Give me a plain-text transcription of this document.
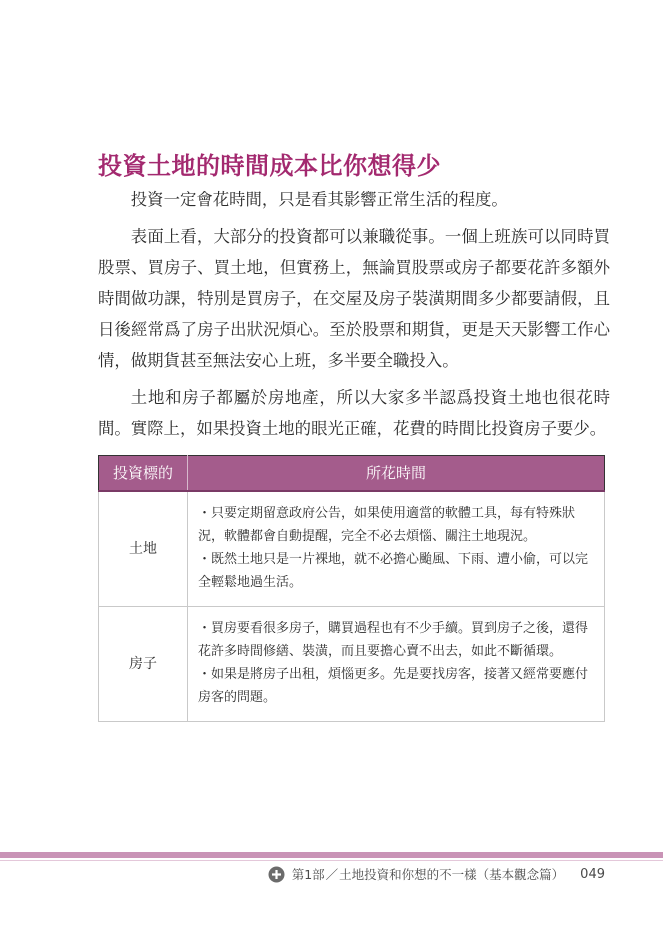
投資土地的時間成本比你想得少

投資一定會花時間，只是看其影響正常生活的程度。

表面上看，大部分的投資都可以兼職從事。一個上班族可以同時買股票、買房子、買土地，但實務上，無論買股票或房子都要花許多額外時間做功課，特別是買房子，在交屋及房子裝潢期間多少都要請假，且日後經常爲了房子出狀況煩心。至於股票和期貨，更是天天影響工作心情，做期貨甚至無法安心上班，多半要全職投入。

土地和房子都屬於房地產，所以大家多半認爲投資土地也很花時間。實際上，如果投資土地的眼光正確，花費的時間比投資房子要少。

投資標的	所花時間
土地	・只要定期留意政府公告，如果使用適當的軟體工具，每有特殊狀況，軟體都會自動提醒，完全不必去煩惱、關注土地現況。

・既然土地只是一片裸地，就不必擔心颱風、下雨、遭小偷，可以完全輕鬆地過生活。

房子	・買房要看很多房子，購買過程也有不少手續。買到房子之後，還得花許多時間修繕、裝潢，而且要擔心賣不出去，如此不斷循環。

・如果是將房子出租，煩惱更多。先是要找房客，接著又經常要應付房客的問題。

第1部 ／ 土地投資和你想的不一樣（基本觀念篇） 049
